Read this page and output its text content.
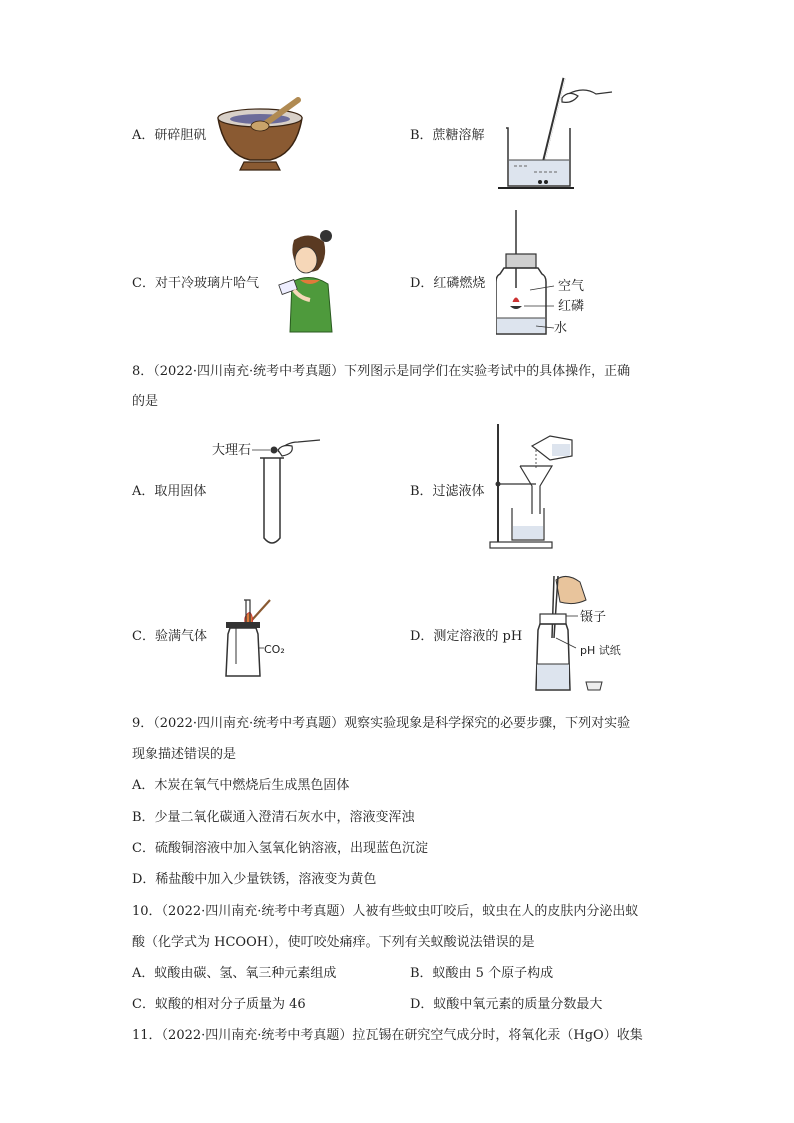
A．研碎胆矾	B．蔗糖溶解
C．对干冷玻璃片哈气	D．红磷燃烧	空气
红磷
水
8．（2022·四川南充·统考中考真题）下列图示是同学们在实验考试中的具体操作，正确
的是
A．取用固体
大理石
B．过滤液体
C．验满气体
CO₂
D．测定溶液的 pH
镊子
pH 试纸
9．（2022·四川南充·统考中考真题）观察实验现象是科学探究的必要步骤，下列对实验
现象描述错误的是
A．木炭在氧气中燃烧后生成黑色固体
B．少量二氧化碳通入澄清石灰水中，溶液变浑浊
C．硫酸铜溶液中加入氢氧化钠溶液，出现蓝色沉淀
D．稀盐酸中加入少量铁锈，溶液变为黄色
10．（2022·四川南充·统考中考真题）人被有些蚊虫叮咬后，蚊虫在人的皮肤内分泌出蚁
酸（化学式为 HCOOH），使叮咬处痛痒。下列有关蚁酸说法错误的是
A．蚁酸由碳、氢、氧三种元素组成	B．蚁酸由 5 个原子构成
C．蚁酸的相对分子质量为 46	D．蚁酸中氧元素的质量分数最大
11．（2022·四川南充·统考中考真题）拉瓦锡在研究空气成分时，将氧化汞（HgO）收集
